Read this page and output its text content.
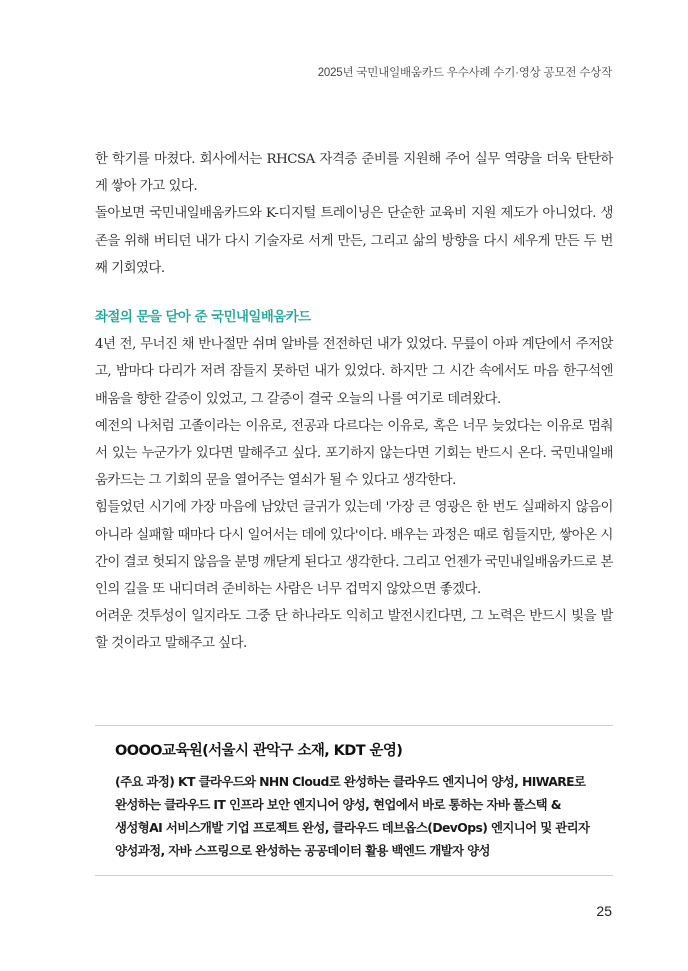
2025년 국민내일배움카드 우수사례 수기·영상 공모전 수상작

한 학기를 마쳤다. 회사에서는 RHCSA 자격증 준비를 지원해 주어 실무 역량을 더욱 탄탄하게 쌓아 가고 있다.

돌아보면 국민내일배움카드와 K-디지털 트레이닝은 단순한 교육비 지원 제도가 아니었다. 생존을 위해 버티던 내가 다시 기술자로 서게 만든, 그리고 삶의 방향을 다시 세우게 만든 두 번째 기회였다.

좌절의 문을 닫아 준 국민내일배움카드

4년 전, 무너진 채 반나절만 쉬며 알바를 전전하던 내가 있었다. 무릎이 아파 계단에서 주저앉고, 밤마다 다리가 저려 잠들지 못하던 내가 있었다. 하지만 그 시간 속에서도 마음 한구석엔 배움을 향한 갈증이 있었고, 그 갈증이 결국 오늘의 나를 여기로 데려왔다.

예전의 나처럼 고졸이라는 이유로, 전공과 다르다는 이유로, 혹은 너무 늦었다는 이유로 멈춰 서 있는 누군가가 있다면 말해주고 싶다. 포기하지 않는다면 기회는 반드시 온다. 국민내일배움카드는 그 기회의 문을 열어주는 열쇠가 될 수 있다고 생각한다.

힘들었던 시기에 가장 마음에 남았던 글귀가 있는데 '가장 큰 영광은 한 번도 실패하지 않음이 아니라 실패할 때마다 다시 일어서는 데에 있다'이다. 배우는 과정은 때로 힘들지만, 쌓아온 시간이 결코 헛되지 않음을 분명 깨닫게 된다고 생각한다. 그리고 언젠가 국민내일배움카드로 본인의 길을 또 내디뎌려 준비하는 사람은 너무 겁먹지 않았으면 좋겠다.

어려운 것투성이 일지라도 그중 단 하나라도 익히고 발전시킨다면, 그 노력은 반드시 빛을 발할 것이라고 말해주고 싶다.

OOOO교육원(서울시 관악구 소재, KDT 운영)

(주요 과정) KT 클라우드와 NHN Cloud로 완성하는 클라우드 엔지니어 양성, HIWARE로 완성하는 클라우드 IT 인프라 보안 엔지니어 양성, 현업에서 바로 통하는 자바 풀스택 & 생성형AI 서비스개발 기업 프로젝트 완성, 클라우드 데브옵스(DevOps) 엔지니어 및 관리자 양성과정, 자바 스프링으로 완성하는 공공데이터 활용 백엔드 개발자 양성

25
